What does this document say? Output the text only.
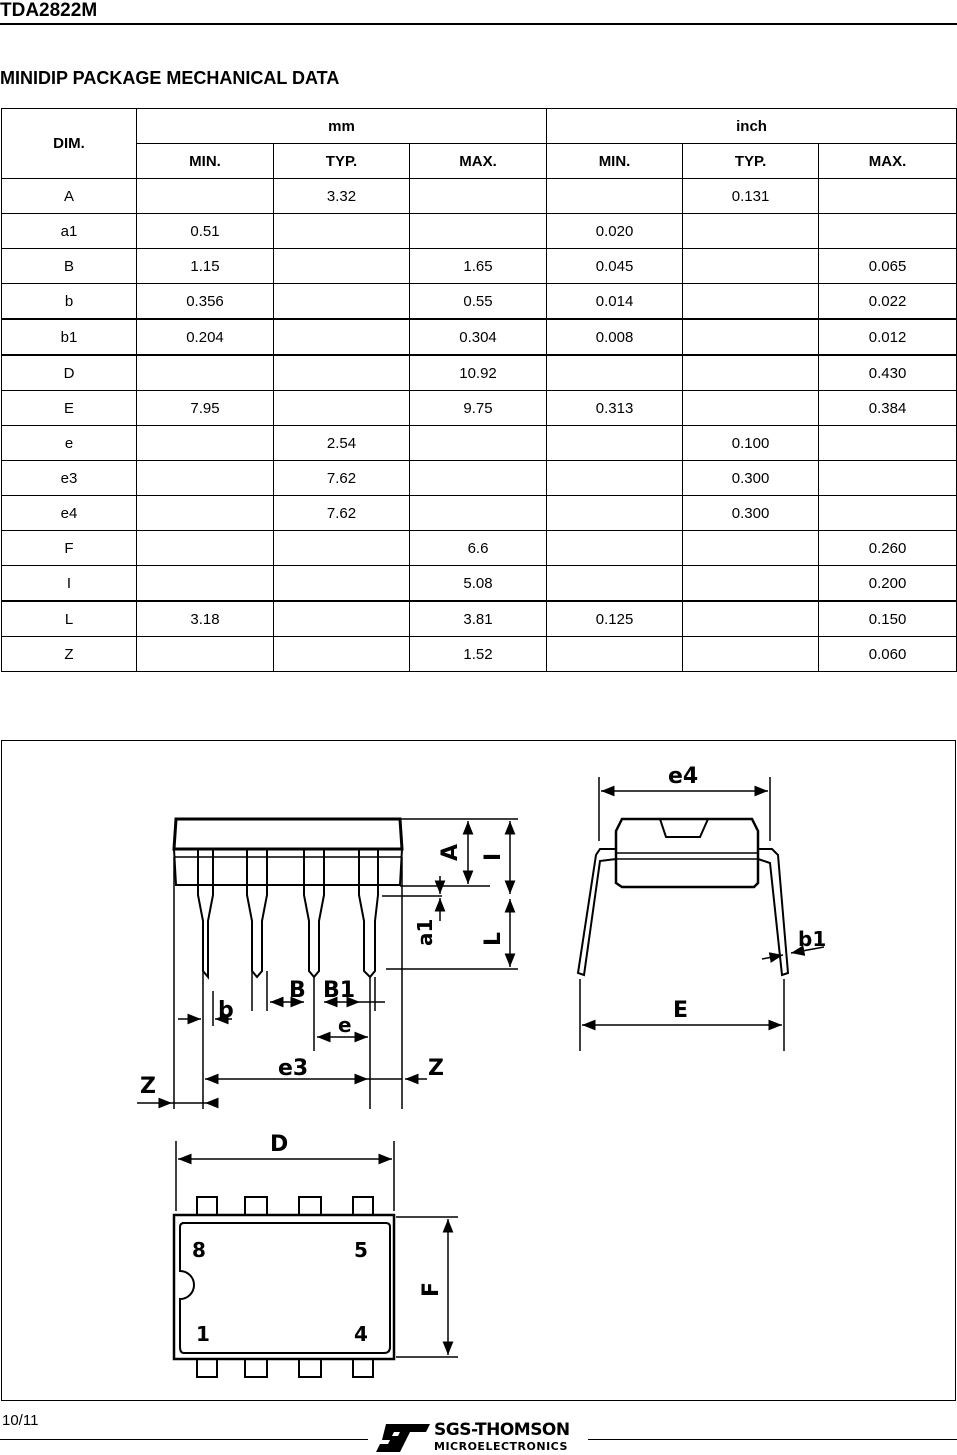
TDA2822M
MINIDIP PACKAGE MECHANICAL DATA
DIM.	mm			inch		
	MIN.	TYP.	MAX.	MIN.	TYP.	MAX.
A		3.32			0.131	
a1	0.51			0.020		
B	1.15		1.65	0.045		0.065
b	0.356		0.55	0.014		0.022
b1	0.204		0.304	0.008		0.012
D			10.92			0.430
E	7.95		9.75	0.313		0.384
e		2.54			0.100	
e3		7.62			0.300	
e4		7.62			0.300	
F			6.6			0.260
I			5.08			0.200
L	3.18		3.81	0.125		0.150
Z			1.52			0.060
A I
a1 L
B B1
b
e
e3
Z
Z
e4
b1
E
D
F
8	5
1	4
10/11	SGS-THOMSON
MICROELECTRONICS
